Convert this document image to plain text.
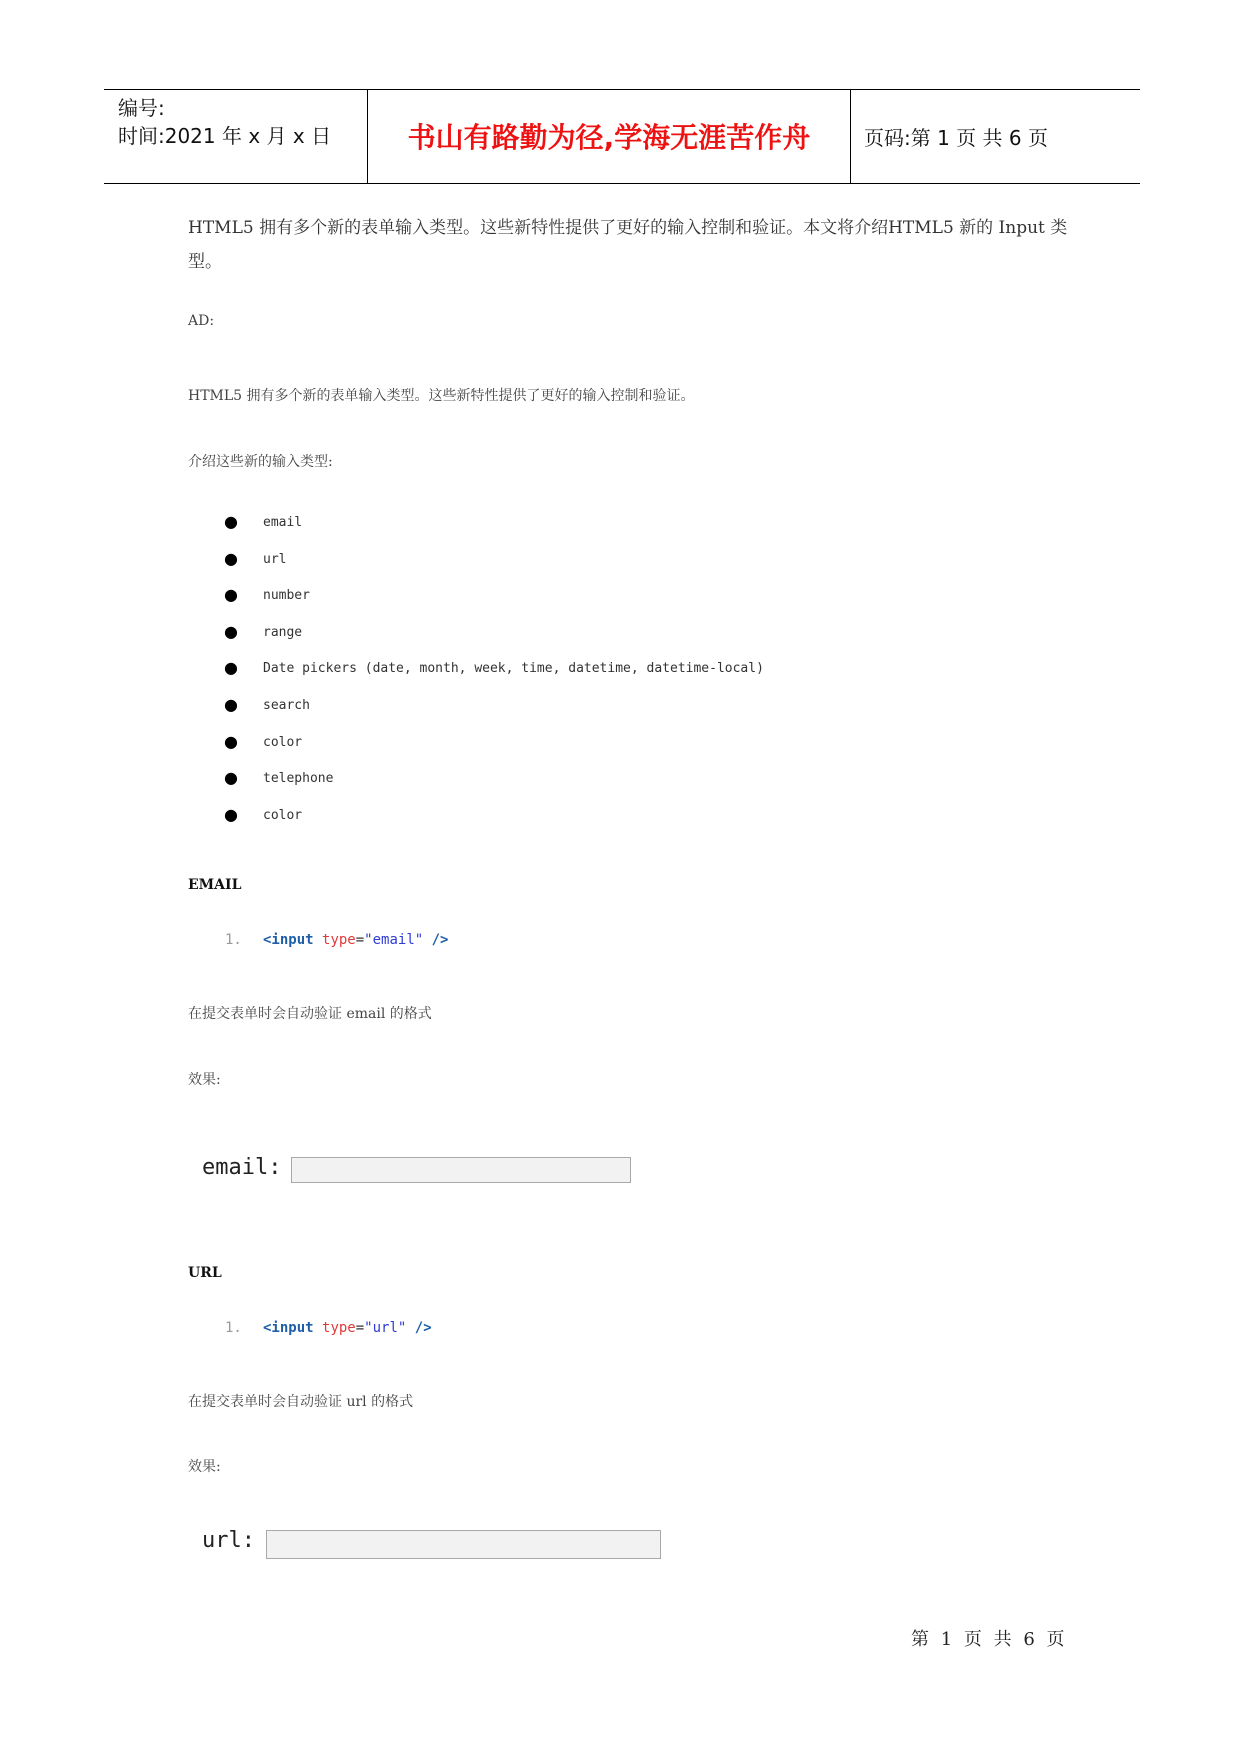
编号:
时间:2021 年 x 月 x 日	书山有路勤为径,学海无涯苦作舟	页码:第 1 页 共 6 页
HTML5 拥有多个新的表单输入类型。这些新特性提供了更好的输入控制和验证。本文将介绍HTML5 新的 Input 类型。
AD:
HTML5 拥有多个新的表单输入类型。这些新特性提供了更好的输入控制和验证。
介绍这些新的输入类型:
● email
● url
● number
● range
● Date pickers (date, month, week, time, datetime, datetime-local)
● search
● color
● telephone
● color
EMAIL
1. <input type="email" />
在提交表单时会自动验证 email 的格式
效果:
email:
URL
1. <input type="url" />
在提交表单时会自动验证 url 的格式
效果:
url:
第 1 页 共 6 页
